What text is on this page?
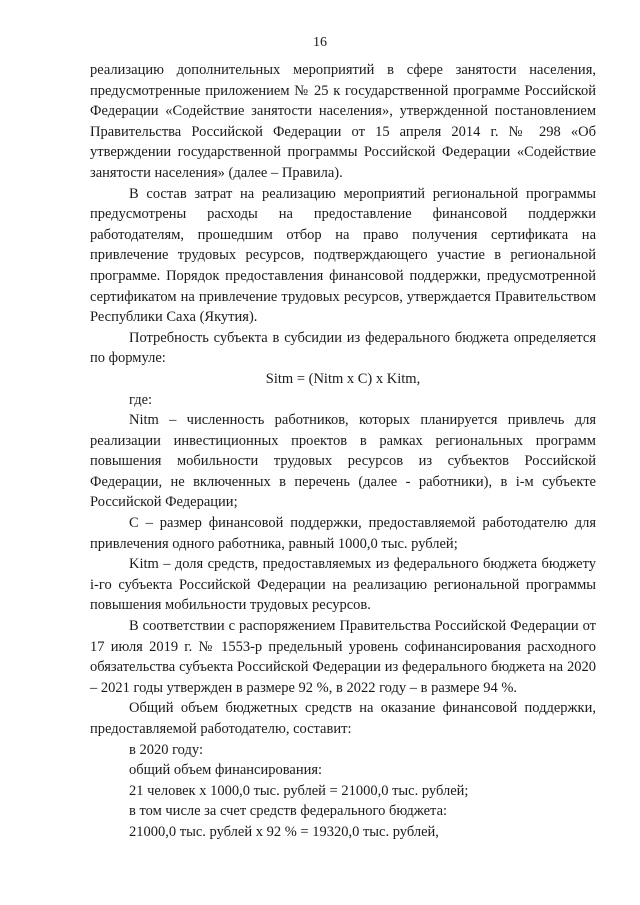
16

реализацию дополнительных мероприятий в сфере занятости населения, предусмотренные приложением № 25 к государственной программе Российской Федерации «Содействие занятости населения», утвержденной постановлением Правительства Российской Федерации от 15 апреля 2014 г. № 298 «Об утверждении государственной программы Российской Федерации «Содействие занятости населения» (далее – Правила).

В состав затрат на реализацию мероприятий региональной программы предусмотрены расходы на предоставление финансовой поддержки работодателям, прошедшим отбор на право получения сертификата на привлечение трудовых ресурсов, подтверждающего участие в региональной программе. Порядок предоставления финансовой поддержки, предусмотренной сертификатом на привлечение трудовых ресурсов, утверждается Правительством Республики Саха (Якутия).

Потребность субъекта в субсидии из федерального бюджета определяется по формуле:

Sitm = (Nitm x C) x Kitm,

где:

Nitm – численность работников, которых планируется привлечь для реализации инвестиционных проектов в рамках региональных программ повышения мобильности трудовых ресурсов из субъектов Российской Федерации, не включенных в перечень (далее - работники), в i-м субъекте Российской Федерации;

C – размер финансовой поддержки, предоставляемой работодателю для привлечения одного работника, равный 1000,0 тыс. рублей;

Kitm – доля средств, предоставляемых из федерального бюджета бюджету i-го субъекта Российской Федерации на реализацию региональной программы повышения мобильности трудовых ресурсов.

В соответствии с распоряжением Правительства Российской Федерации от 17 июля 2019 г. № 1553-р предельный уровень софинансирования расходного обязательства субъекта Российской Федерации из федерального бюджета на 2020 – 2021 годы утвержден в размере 92 %, в 2022 году – в размере 94 %.

Общий объем бюджетных средств на оказание финансовой поддержки, предоставляемой работодателю, составит:

в 2020 году:

общий объем финансирования:

21 человек х 1000,0 тыс. рублей = 21000,0 тыс. рублей;

в том числе за счет средств федерального бюджета:

21000,0 тыс. рублей х 92 % = 19320,0 тыс. рублей,
